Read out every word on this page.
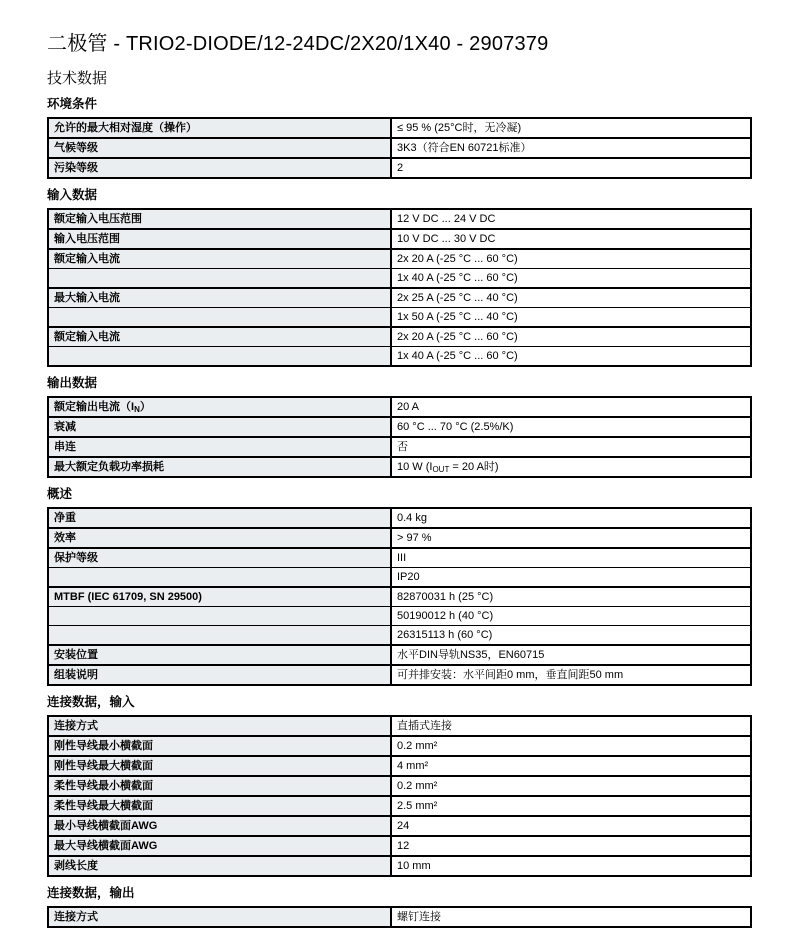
二极管 - TRIO2-DIODE/12-24DC/2X20/1X40 - 2907379
技术数据
环境条件
允许的最大相对湿度（操作）	≤ 95 % (25°C时，无冷凝)
气候等级	3K3（符合EN 60721标准）
污染等级	2
输入数据
额定输入电压范围	12 V DC ... 24 V DC
输入电压范围	10 V DC ... 30 V DC
额定输入电流	2x 20 A (-25 °C ... 60 °C)
	1x 40 A (-25 °C ... 60 °C)
最大输入电流	2x 25 A (-25 °C ... 40 °C)
	1x 50 A (-25 °C ... 40 °C)
额定输入电流	2x 20 A (-25 °C ... 60 °C)
	1x 40 A (-25 °C ... 60 °C)
输出数据
额定输出电流$(I_N)$	20 A
衰减	60 °C ... 70 °C (2.5%/K)
串连	否
最大额定负载功率损耗	10 W ($I_{OUT} = 20$ A时)
概述
净重	0.4 kg
效率	> 97 %
保护等级	III
	IP20
MTBF (IEC 61709, SN 29500)	82870031 h (25 °C)
	50190012 h (40 °C)
	26315113 h (60 °C)
安装位置	水平DIN导轨NS35，EN60715
组装说明	可并排安装：水平间距0 mm，垂直间距50 mm
连接数据，输入
连接方式	直插式连接
刚性导线最小横截面	0.2 mm²
刚性导线最大横截面	4 mm²
柔性导线最小横截面	0.2 mm²
柔性导线最大横截面	2.5 mm²
最小导线横截面AWG	24
最大导线横截面AWG	12
剥线长度	10 mm
连接数据，输出
连接方式	螺钉连接
